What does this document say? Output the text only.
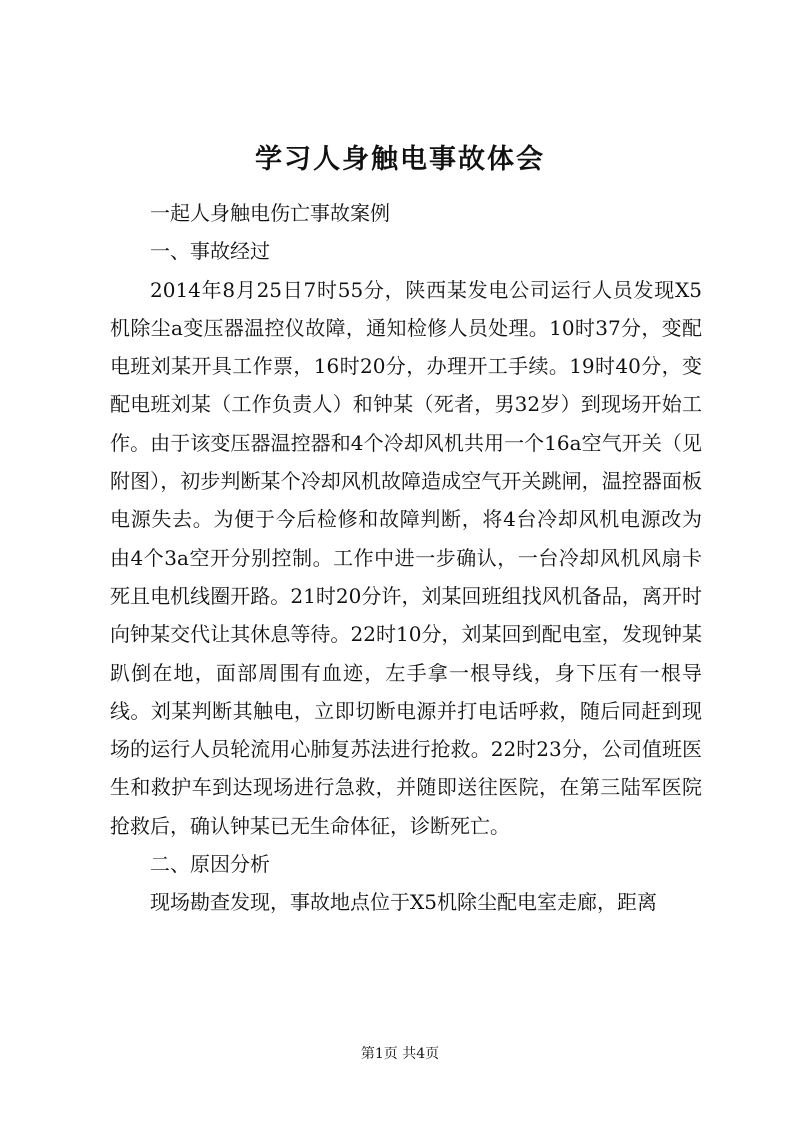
学习人身触电事故体会

一起人身触电伤亡事故案例

一、事故经过

2014年8月25日7时55分，陕西某发电公司运行人员发现X5机除尘a变压器温控仪故障，通知检修人员处理。10时37分，变配电班刘某开具工作票，16时20分，办理开工手续。19时40分，变配电班刘某（工作负责人）和钟某（死者，男32岁）到现场开始工作。由于该变压器温控器和4个冷却风机共用一个16a空气开关（见附图），初步判断某个冷却风机故障造成空气开关跳闸，温控器面板电源失去。为便于今后检修和故障判断，将4台冷却风机电源改为由4个3a空开分别控制。工作中进一步确认，一台冷却风机风扇卡死且电机线圈开路。21时20分许，刘某回班组找风机备品，离开时向钟某交代让其休息等待。22时10分，刘某回到配电室，发现钟某趴倒在地，面部周围有血迹，左手拿一根导线，身下压有一根导线。刘某判断其触电，立即切断电源并打电话呼救，随后同赶到现场的运行人员轮流用心肺复苏法进行抢救。22时23分，公司值班医生和救护车到达现场进行急救，并随即送往医院，在第三陆军医院抢救后，确认钟某已无生命体征，诊断死亡。

二、原因分析

现场勘查发现，事故地点位于X5机除尘配电室走廊，距离

第1页 共4页
